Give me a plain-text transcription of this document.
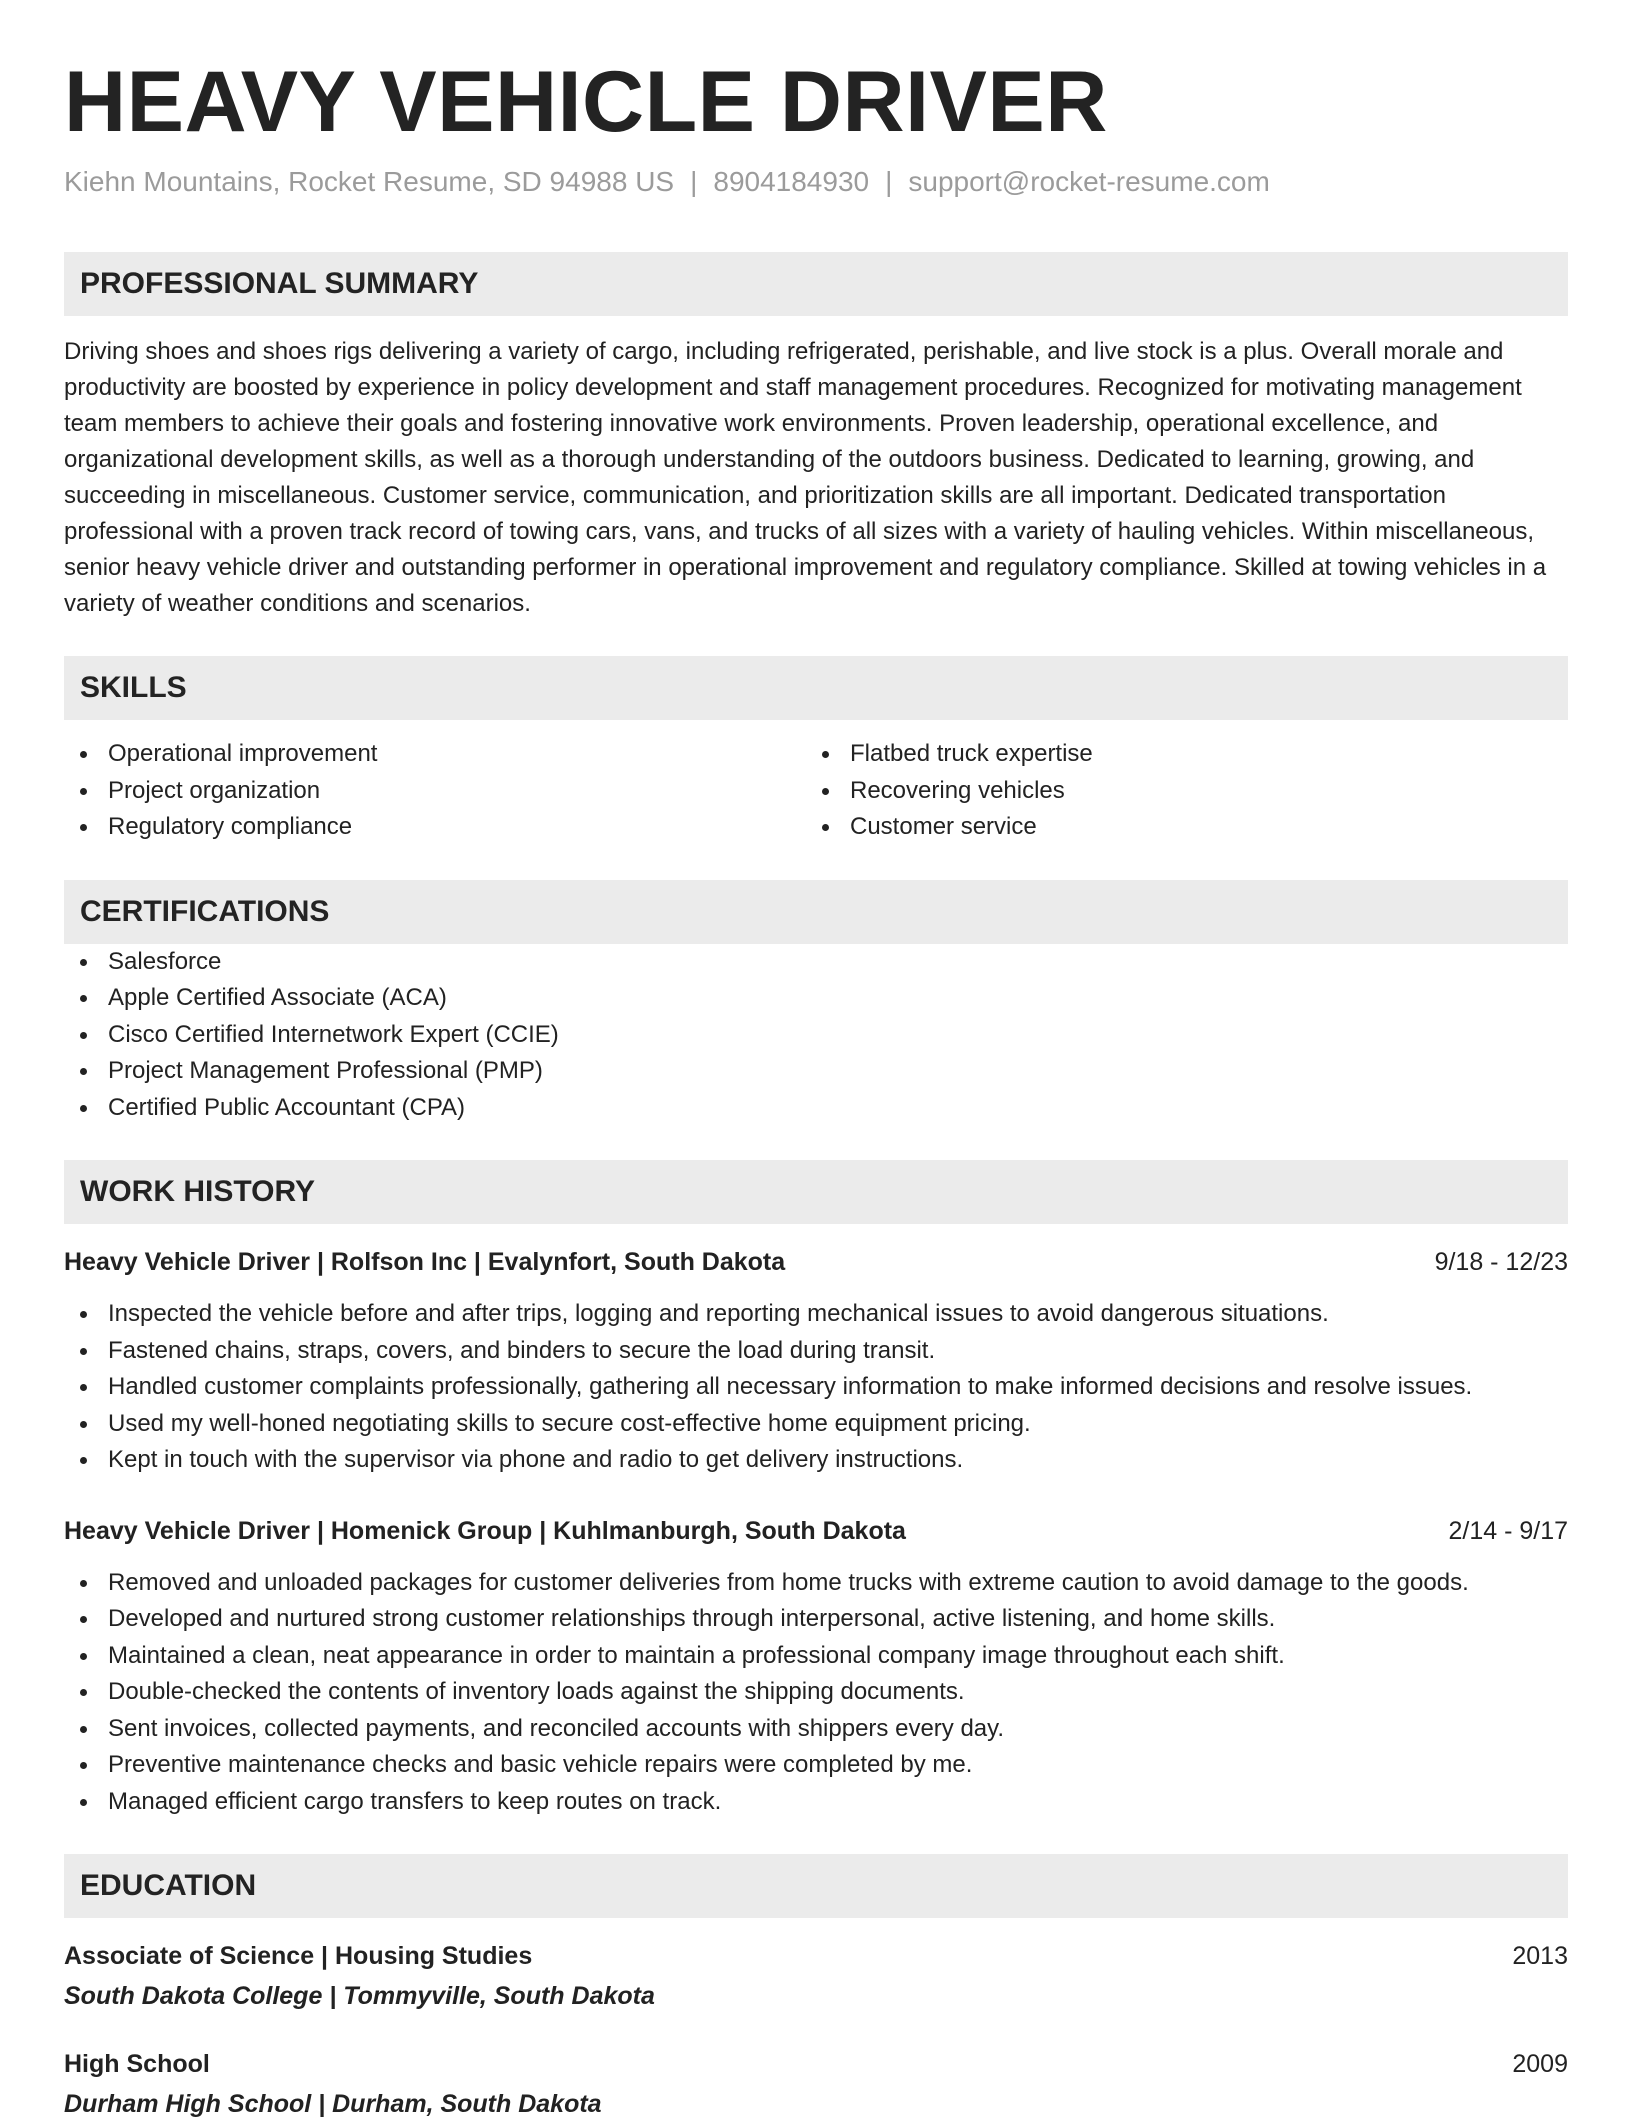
HEAVY VEHICLE DRIVER
Kiehn Mountains, Rocket Resume, SD 94988 US | 8904184930 | support@rocket-resume.com
PROFESSIONAL SUMMARY

Driving shoes and shoes rigs delivering a variety of cargo, including refrigerated, perishable, and live stock is a plus. Overall morale and productivity are boosted by experience in policy development and staff management procedures. Recognized for motivating management team members to achieve their goals and fostering innovative work environments. Proven leadership, operational excellence, and organizational development skills, as well as a thorough understanding of the outdoors business. Dedicated to learning, growing, and succeeding in miscellaneous. Customer service, communication, and prioritization skills are all important. Dedicated transportation professional with a proven track record of towing cars, vans, and trucks of all sizes with a variety of hauling vehicles. Within miscellaneous, senior heavy vehicle driver and outstanding performer in operational improvement and regulatory compliance. Skilled at towing vehicles in a variety of weather conditions and scenarios.

SKILLS
Operational improvement
Project organization
Regulatory compliance
Flatbed truck expertise
Recovering vehicles
Customer service
CERTIFICATIONS
Salesforce
Apple Certified Associate (ACA)
Cisco Certified Internetwork Expert (CCIE)
Project Management Professional (PMP)
Certified Public Accountant (CPA)
WORK HISTORY
Heavy Vehicle Driver | Rolfson Inc | Evalynfort, South Dakota	9/18 - 12/23
Inspected the vehicle before and after trips, logging and reporting mechanical issues to avoid dangerous situations.
Fastened chains, straps, covers, and binders to secure the load during transit.
Handled customer complaints professionally, gathering all necessary information to make informed decisions and resolve issues.
Used my well-honed negotiating skills to secure cost-effective home equipment pricing.
Kept in touch with the supervisor via phone and radio to get delivery instructions.
Heavy Vehicle Driver | Homenick Group | Kuhlmanburgh, South Dakota	2/14 - 9/17
Removed and unloaded packages for customer deliveries from home trucks with extreme caution to avoid damage to the goods.
Developed and nurtured strong customer relationships through interpersonal, active listening, and home skills.
Maintained a clean, neat appearance in order to maintain a professional company image throughout each shift.
Double-checked the contents of inventory loads against the shipping documents.
Sent invoices, collected payments, and reconciled accounts with shippers every day.
Preventive maintenance checks and basic vehicle repairs were completed by me.
Managed efficient cargo transfers to keep routes on track.
EDUCATION
Associate of Science | Housing Studies	2013
South Dakota College | Tommyville, South Dakota
High School	2009
Durham High School | Durham, South Dakota
